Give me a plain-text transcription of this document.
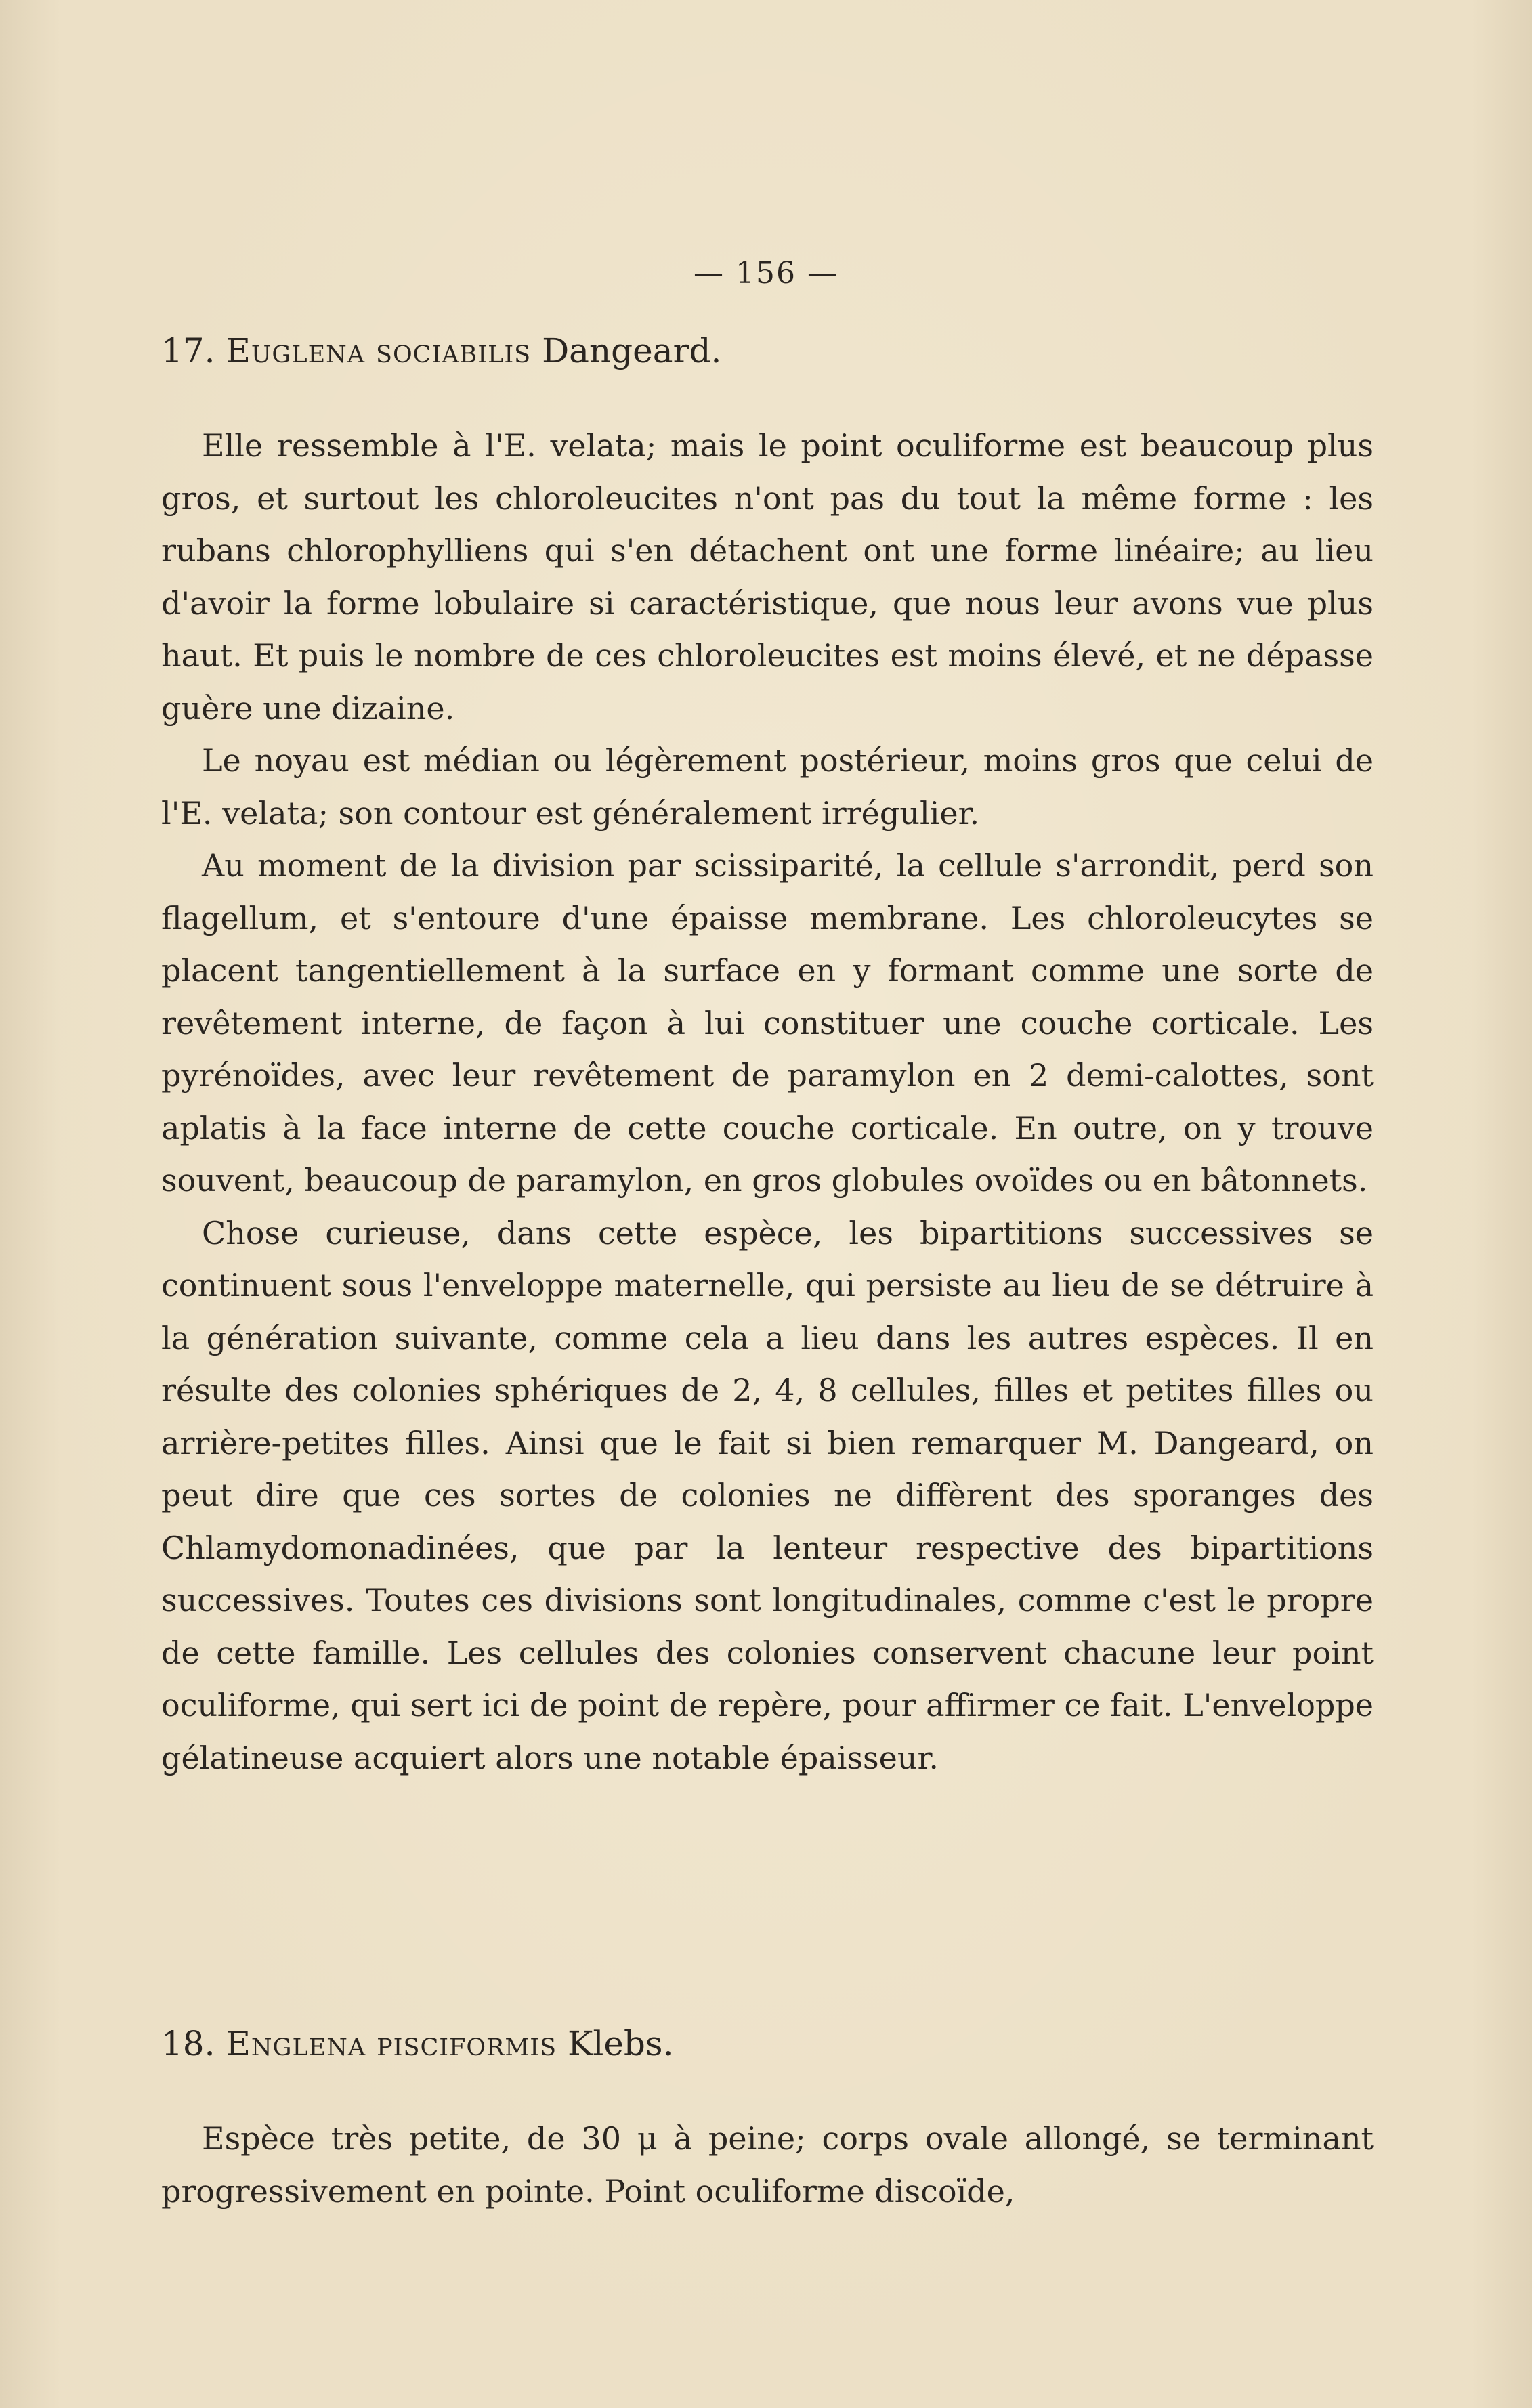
— 156 —
17. Euglena sociabilis Dangeard.

Elle ressemble à l'E. velata; mais le point oculiforme est beaucoup plus gros, et surtout les chloroleucites n'ont pas du tout la même forme : les rubans chlorophylliens qui s'en détachent ont une forme linéaire; au lieu d'avoir la forme lobulaire si caractéristique, que nous leur avons vue plus haut. Et puis le nombre de ces chloroleucites est moins élevé, et ne dépasse guère une dizaine.

Le noyau est médian ou légèrement postérieur, moins gros que celui de l'E. velata; son contour est généralement irrégulier.

Au moment de la division par scissiparité, la cellule s'arrondit, perd son flagellum, et s'entoure d'une épaisse membrane. Les chloroleucytes se placent tangentiellement à la surface en y formant comme une sorte de revêtement interne, de façon à lui constituer une couche corticale. Les pyrénoïdes, avec leur revêtement de paramylon en 2 demi-calottes, sont aplatis à la face interne de cette couche corticale. En outre, on y trouve souvent, beaucoup de paramylon, en gros globules ovoïdes ou en bâtonnets.

Chose curieuse, dans cette espèce, les bipartitions successives se continuent sous l'enveloppe maternelle, qui persiste au lieu de se détruire à la génération suivante, comme cela a lieu dans les autres espèces. Il en résulte des colonies sphériques de 2, 4, 8 cellules, filles et petites filles ou arrière-petites filles. Ainsi que le fait si bien remarquer M. Dangeard, on peut dire que ces sortes de colonies ne diffèrent des sporanges des Chlamydomonadinées, que par la lenteur respective des bipartitions successives. Toutes ces divisions sont longitudinales, comme c'est le propre de cette famille. Les cellules des colonies conservent chacune leur point oculiforme, qui sert ici de point de repère, pour affirmer ce fait. L'enveloppe gélatineuse acquiert alors une notable épaisseur.

18. Englena pisciformis Klebs.

Espèce très petite, de 30 μ à peine; corps ovale allongé, se terminant progressivement en pointe. Point oculiforme discoïde,
